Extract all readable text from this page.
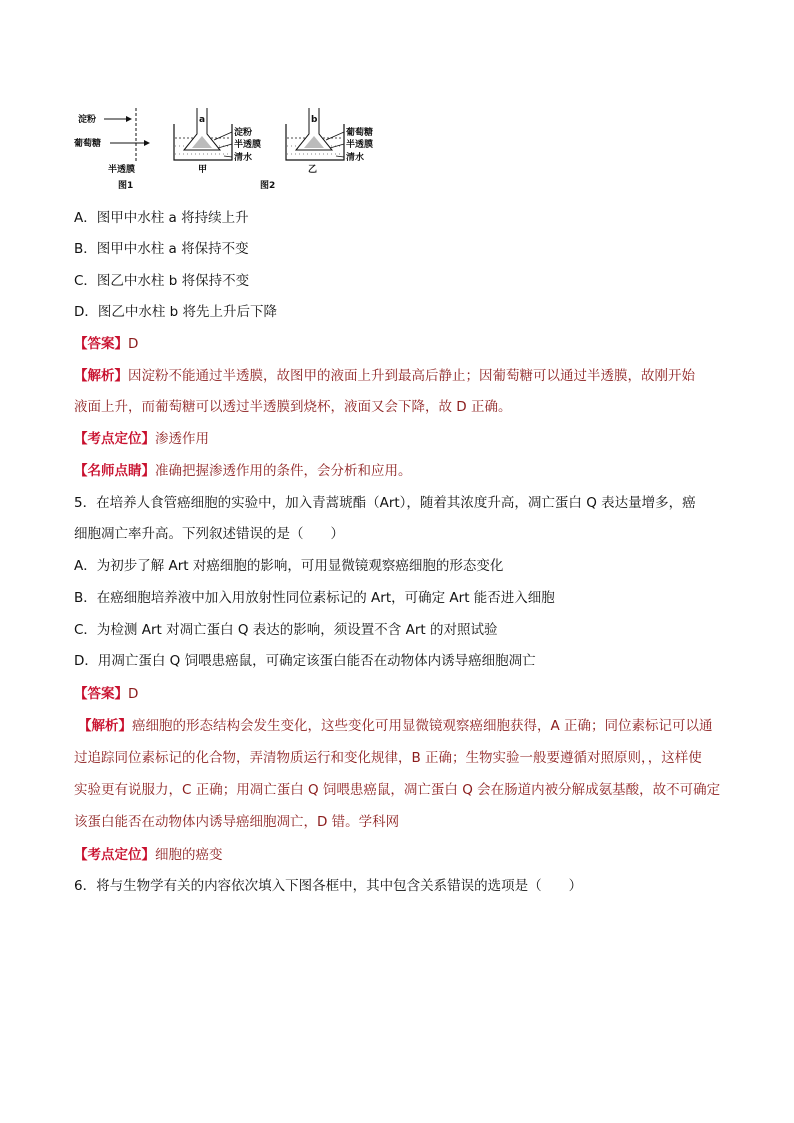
淀粉
葡萄糖
半透膜
图1
a
淀粉
半透膜
清水
甲
b
葡萄糖
半透膜
清水
乙
图2
A．图甲中水柱 a 将持续上升
B．图甲中水柱 a 将保持不变
C．图乙中水柱 b 将保持不变
D．图乙中水柱 b 将先上升后下降
【答案】D
【解析】因淀粉不能通过半透膜，故图甲的液面上升到最高后静止；因葡萄糖可以通过半透膜，故刚开始
液面上升，而葡萄糖可以透过半透膜到烧杯，液面又会下降，故 D 正确。
【考点定位】渗透作用
【名师点睛】准确把握渗透作用的条件，会分析和应用。
5．在培养人食管癌细胞的实验中，加入青蒿琥酯（Art），随着其浓度升高，凋亡蛋白 Q 表达量增多，癌
细胞凋亡率升高。下列叙述错误的是（　　）
A．为初步了解 Art 对癌细胞的影响，可用显微镜观察癌细胞的形态变化
B．在癌细胞培养液中加入用放射性同位素标记的 Art，可确定 Art 能否进入细胞
C．为检测 Art 对凋亡蛋白 Q 表达的影响，须设置不含 Art 的对照试验
D．用凋亡蛋白 Q 饲喂患癌鼠，可确定该蛋白能否在动物体内诱导癌细胞凋亡
【答案】D
【解析】癌细胞的形态结构会发生变化，这些变化可用显微镜观察癌细胞获得，A 正确；同位素标记可以通
过追踪同位素标记的化合物，弄清物质运行和变化规律，B 正确；生物实验一般要遵循对照原则，，这样使
实验更有说服力，C 正确；用凋亡蛋白 Q 饲喂患癌鼠，凋亡蛋白 Q 会在肠道内被分解成氨基酸，故不可确定
该蛋白能否在动物体内诱导癌细胞凋亡，D 错。学科网
【考点定位】细胞的癌变
6．将与生物学有关的内容依次填入下图各框中，其中包含关系错误的选项是（　　）
